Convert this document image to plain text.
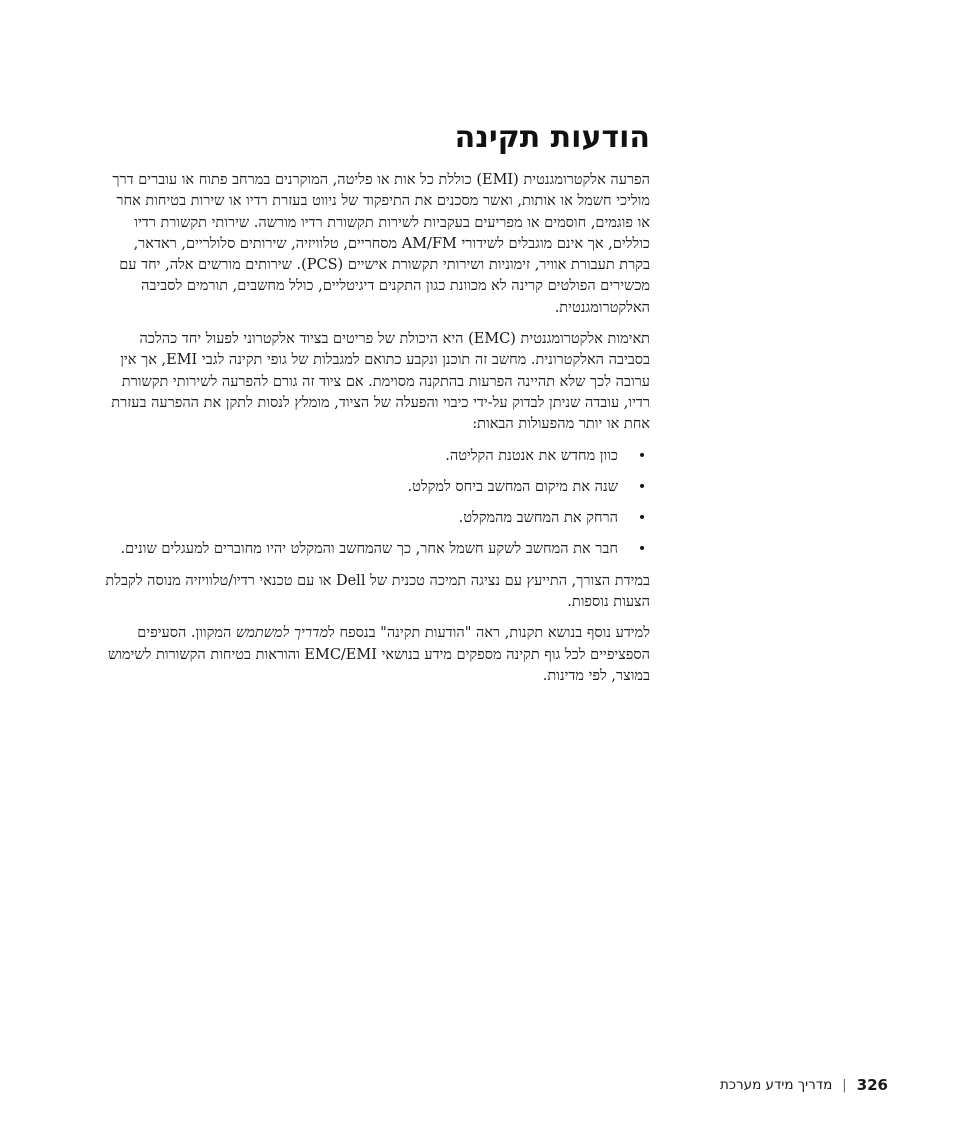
הודעות תקינה

הפרעה אלקטרומגנטית (EMI) כוללת כל אות או פליטה, המוקרנים במרחב פתוח או עוברים דרך מוליכי חשמל או אותות, ואשר מסכנים את התיפקוד של ניווט בעזרת רדיו או שירות בטיחות אחר או פוגמים, חוסמים או מפריעים בעקביות לשירות תקשורת רדיו מורשה. שירותי תקשורת רדיו כוללים, אך אינם מוגבלים לשידורי AM/FM מסחריים, טלוויזיה, שירותים סלולריים, ראדאר, בקרת תעבורת אוויר, זימוניות ושירותי תקשורת אישיים (PCS). שירותים מורשים אלה, יחד עם מכשירים הפולטים קרינה לא מכוונת כגון התקנים דיגיטליים, כולל מחשבים, תורמים לסביבה האלקטרומגנטית.

תאימות אלקטרומגנטית (EMC) היא היכולת של פריטים בציוד אלקטרוני לפעול יחד כהלכה בסביבה האלקטרונית. מחשב זה תוכנן ונקבע כתואם למגבלות של גופי תקינה לגבי EMI, אך אין ערובה לכך שלא תהיינה הפרעות בהתקנה מסוימת. אם ציוד זה גורם להפרעה לשירותי תקשורת רדיו, עובדה שניתן לבדוק על-ידי כיבוי והפעלה של הציוד, מומלץ לנסות לתקן את ההפרעה בעזרת אחת או יותר מהפעולות הבאות:

•
כוון מחדש את אנטנת הקליטה.
•
שנה את מיקום המחשב ביחס למקלט.
•
הרחק את המחשב מהמקלט.
•
חבר את המחשב לשקע חשמל אחר, כך שהמחשב והמקלט יהיו מחוברים למעגלים שונים.

במידת הצורך, התייעץ עם נציגה תמיכה טכנית של Dell או עם טכנאי רדיו/טלוויזיה מנוסה לקבלת הצעות נוספות.

למידע נוסף בנושא תקנות, ראה "הודעות תקינה" בנספח למדריך למשתמש המקוון. הסעיפים הספציפיים לכל גוף תקינה מספקים מידע בנושאי EMC/EMI והוראות בטיחות הקשורות לשימוש במוצר, לפי מדינות.

326
|
מדריך מידע מערכת
